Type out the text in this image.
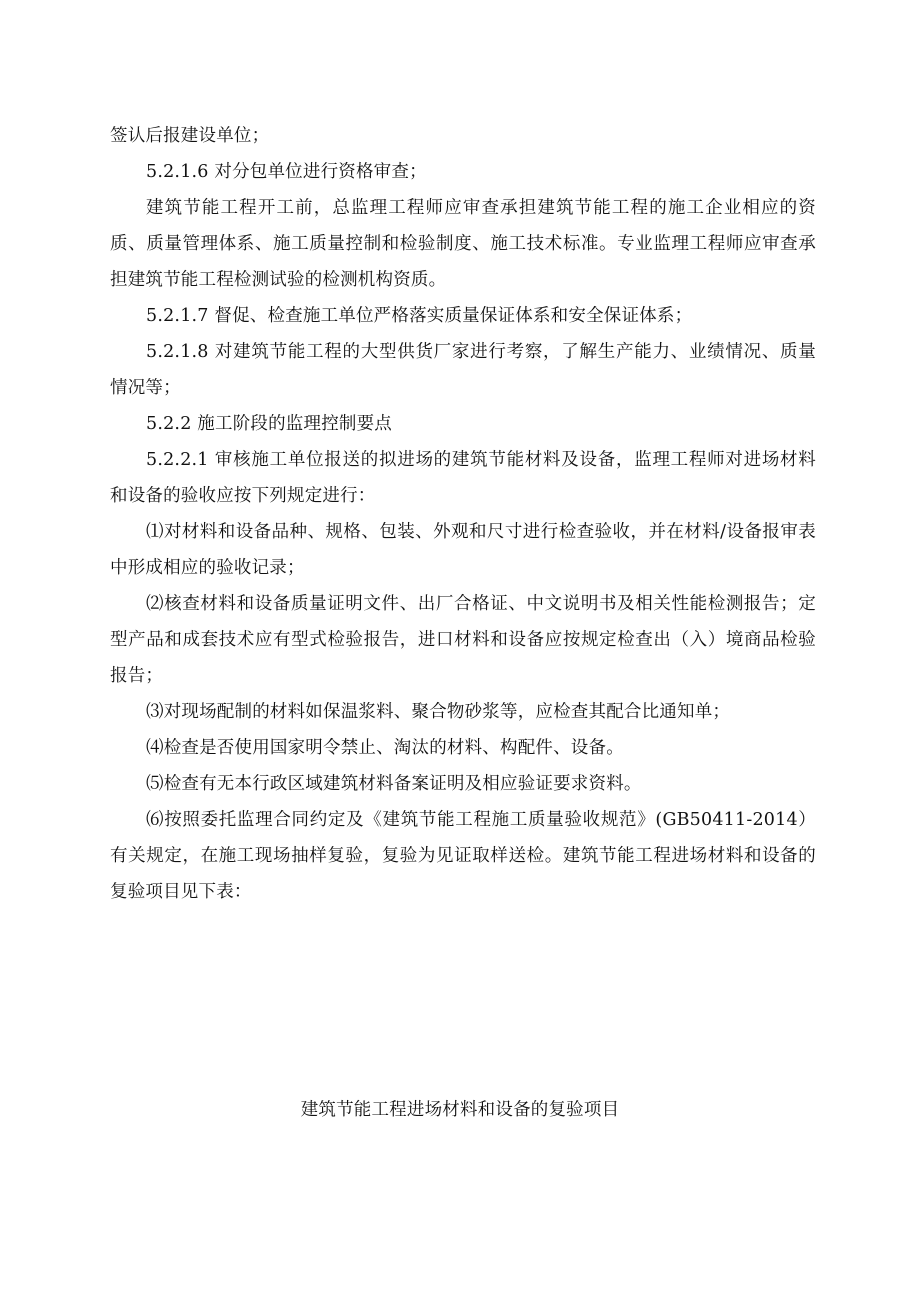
签认后报建设单位；

5.2.1.6 对分包单位进行资格审查；

建筑节能工程开工前，总监理工程师应审查承担建筑节能工程的施工企业相应的资质、质量管理体系、施工质量控制和检验制度、施工技术标准。专业监理工程师应审查承担建筑节能工程检测试验的检测机构资质。

5.2.1.7 督促、检查施工单位严格落实质量保证体系和安全保证体系；

5.2.1.8 对建筑节能工程的大型供货厂家进行考察，了解生产能力、业绩情况、质量情况等；

5.2.2 施工阶段的监理控制要点

5.2.2.1 审核施工单位报送的拟进场的建筑节能材料及设备，监理工程师对进场材料和设备的验收应按下列规定进行：

⑴对材料和设备品种、规格、包装、外观和尺寸进行检查验收，并在材料/设备报审表中形成相应的验收记录；

⑵核查材料和设备质量证明文件、出厂合格证、中文说明书及相关性能检测报告；定型产品和成套技术应有型式检验报告，进口材料和设备应按规定检查出（入）境商品检验报告；

⑶对现场配制的材料如保温浆料、聚合物砂浆等，应检查其配合比通知单；

⑷检查是否使用国家明令禁止、淘汰的材料、构配件、设备。

⑸检查有无本行政区域建筑材料备案证明及相应验证要求资料。

⑹按照委托监理合同约定及《建筑节能工程施工质量验收规范》(GB50411-2014）有关规定，在施工现场抽样复验，复验为见证取样送检。建筑节能工程进场材料和设备的复验项目见下表：

建筑节能工程进场材料和设备的复验项目
